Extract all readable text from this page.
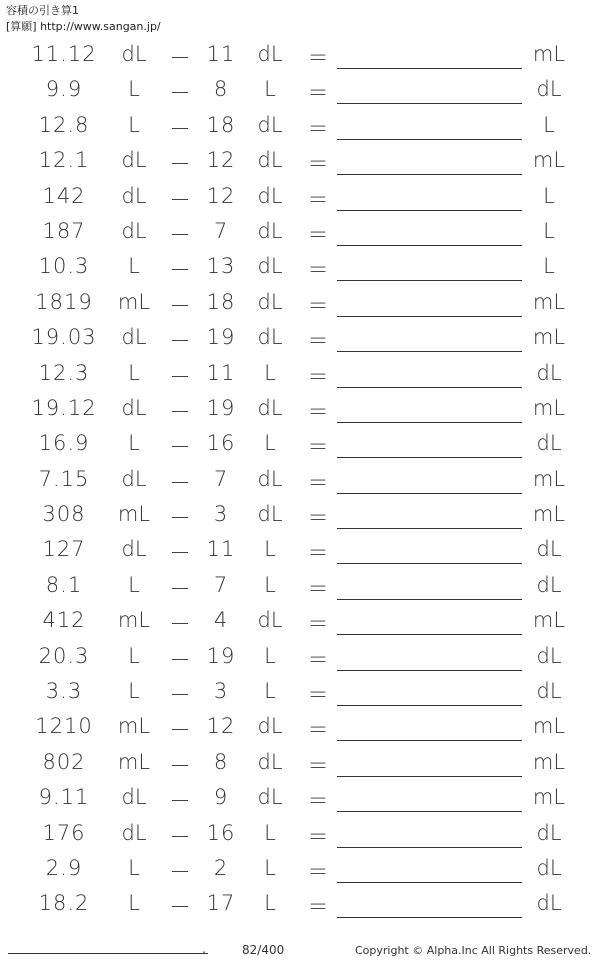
容積の引き算1
[算願] http://www.sangan.jp/
11.12	dL	－ 11	dL	＝	mL
9.9	L	－	8	L	＝	dL
12.8	L	－ 18	dL	＝	L
12.1	dL	－ 12	dL	＝	mL
142	dL	－ 12	dL	＝	L
187	dL	－	7	dL	＝	L
10.3	L	－ 13	dL	＝	L
1819	mL － 18	dL	＝	mL
19.03	dL	－ 19	dL	＝	mL
12.3	L	－ 11	L	＝	dL
19.12	dL	－ 19	dL	＝	mL
16.9	L	－ 16	L	＝	dL
7.15	dL	－	7	dL	＝	mL
308	mL －	3	dL	＝	mL
127	dL	－ 11	L	＝	dL
8.1	L	－	7	L	＝	dL
412	mL －	4	dL	＝	mL
20.3	L	－ 19	L	＝	dL
3.3	L	－	3	L	＝	dL
1210	mL － 12	dL	＝	mL
802	mL －	8	dL	＝	mL
9.11	dL	－	9	dL	＝	mL
176	dL	－ 16	L	＝	dL
2.9	L	－	2	L	＝	dL
18.2	L	－ 17	L	＝	dL
.	82/400	Copyright © Alpha.Inc All Rights Reserved.
